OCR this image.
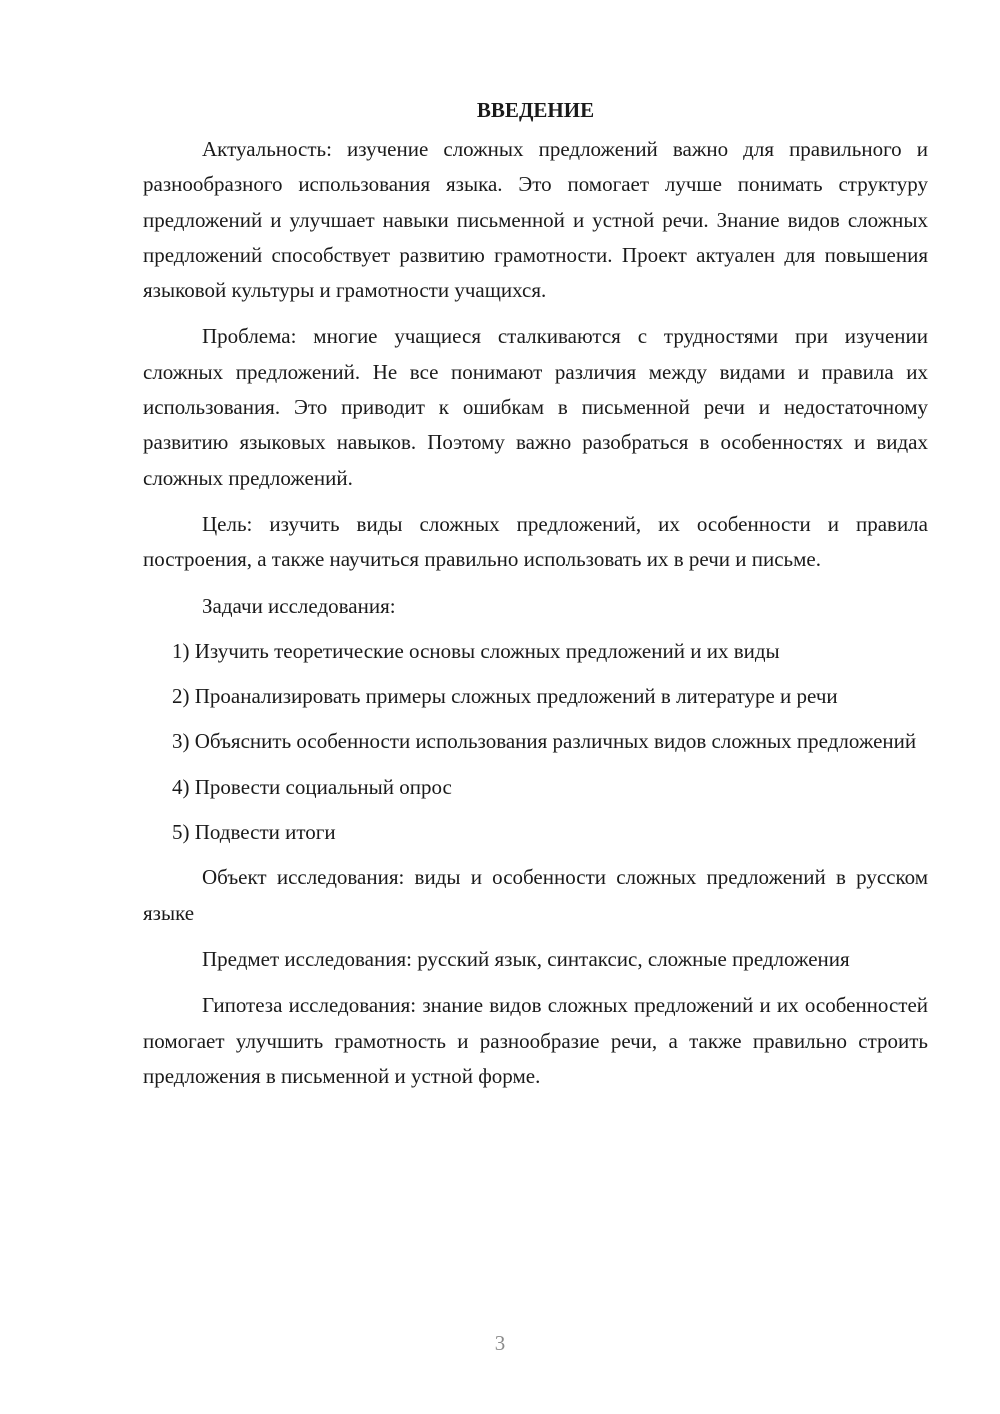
ВВЕДЕНИЕ

Актуальность: изучение сложных предложений важно для правильного и разнообразного использования языка. Это помогает лучше понимать структуру предложений и улучшает навыки письменной и устной речи. Знание видов сложных предложений способствует развитию грамотности. Проект актуален для повышения языковой культуры и грамотности учащихся.

Проблема: многие учащиеся сталкиваются с трудностями при изучении сложных предложений. Не все понимают различия между видами и правила их использования. Это приводит к ошибкам в письменной речи и недостаточному развитию языковых навыков. Поэтому важно разобраться в особенностях и видах сложных предложений.

Цель: изучить виды сложных предложений, их особенности и правила построения, а также научиться правильно использовать их в речи и письме.

Задачи исследования:

1) Изучить теоретические основы сложных предложений и их виды

2) Проанализировать примеры сложных предложений в литературе и речи

3) Объяснить особенности использования различных видов сложных предложений

4) Провести социальный опрос

5) Подвести итоги

Объект исследования: виды и особенности сложных предложений в русском языке

Предмет исследования: русский язык, синтаксис, сложные предложения

Гипотеза исследования: знание видов сложных предложений и их особенностей помогает улучшить грамотность и разнообразие речи, а также правильно строить предложения в письменной и устной форме.

3
